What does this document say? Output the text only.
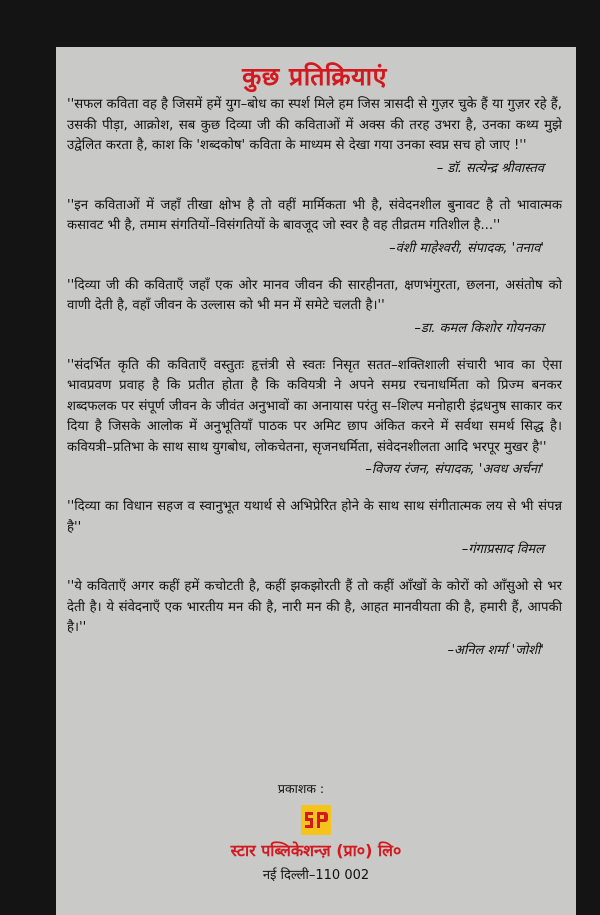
कुछ प्रतिक्रियाएं

''सफल कविता वह है जिसमें हमें युग–बोध का स्पर्श मिले हम जिस त्रासदी से गुज़र चुके हैं या गुज़र रहे हैं, उसकी पीड़ा, आक्रोश, सब कुछ दिव्या जी की कविताओं में अक्स की तरह उभरा है, उनका कथ्य मुझे उद्वेलित करता है, काश कि 'शब्दकोष' कविता के माध्यम से देखा गया उनका स्वप्न सच हो जाए !''

– डॉ. सत्येन्द्र श्रीवास्तव

''इन कविताओं में जहाँ तीखा क्षोभ है तो वहीं मार्मिकता भी है, संवेदनशील बुनावट है तो भावात्मक कसावट भी है, तमाम संगतियों–विसंगतियों के बावजूद जो स्वर है वह तीव्रतम गतिशील है...''

–वंशी माहेश्वरी, संपादक, 'तनाव'

''दिव्या जी की कविताएँ जहाँ एक ओर मानव जीवन की सारहीनता, क्षणभंगुरता, छलना, असंतोष को वाणी देती है, वहाँ जीवन के उल्लास को भी मन में समेटे चलती है।''

–डा. कमल किशोर गोयनका

''संदर्भित कृति की कविताएँ वस्तुतः हृत्तंत्री से स्वतः निसृत सतत–शक्तिशाली संचारी भाव का ऐसा भावप्रवण प्रवाह है कि प्रतीत होता है कि कवियत्री ने अपने समग्र रचनाधर्मिता को प्रिज्म बनकर शब्दफलक पर संपूर्ण जीवन के जीवंत अनुभावों का अनायास परंतु स–शिल्प मनोहारी इंद्रधनुष साकार कर दिया है जिसके आलोक में अनुभूतियाँ पाठक पर अमिट छाप अंकित करने में सर्वथा समर्थ सिद्ध है। कवियत्री–प्रतिभा के साथ साथ युगबोध, लोकचेतना, सृजनधर्मिता, संवेदनशीलता आदि भरपूर मुखर है''

–विजय रंजन, संपादक, 'अवध अर्चना'

''दिव्या का विधान सहज व स्वानुभूत यथार्थ से अभिप्रेरित होने के साथ साथ संगीतात्मक लय से भी संपन्न है''

–गंगाप्रसाद विमल

''ये कविताएँ अगर कहीं हमें कचोटती है, कहीं झकझोरती हैं तो कहीं आँखों के कोरों को आँसुओ से भर देती है। ये संवेदनाएँ एक भारतीय मन की है, नारी मन की है, आहत मानवीयता की है, हमारी हैं, आपकी है।''

–अनिल शर्मा 'जोशी'
प्रकाशक :
स्टार पब्लिकेशन्ज़ (प्रा०) लि०
नई दिल्ली–110 002
